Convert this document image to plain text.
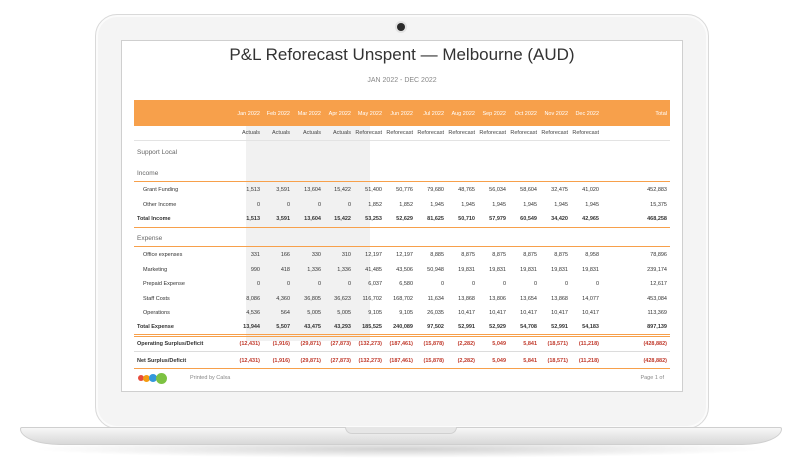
P&L Reforecast Unspent — Melbourne (AUD)
JAN 2022 - DEC 2022
Jan 2022 Feb 2022 Mar 2022 Apr 2022 May 2022 Jun 2022 Jul 2022 Aug 2022 Sep 2022 Oct 2022 Nov 2022 Dec 2022	Total
Actuals Actuals Actuals Actuals Reforecast Reforecast Reforecast Reforecast Reforecast Reforecast Reforecast Reforecast
Support Local
Income
Grant Funding	1,513	3,591	13,604 15,422	51,400	50,776	79,680	48,765	56,034	58,604	32,475	41,020	452,883
Other Income	0	0	0	0	1,852	1,852	1,945	1,945	1,945	1,945	1,945	1,945	15,375
Total Income	1,513	3,591	13,604 15,422	53,253	52,629	81,625	50,710	57,979	60,549	34,420	42,965	468,258
Expense
Office expenses	331	166	330	310	12,197	12,197	8,885	8,875	8,875	8,875	8,875	8,958	78,896
Marketing	990	418	1,336	1,336	41,485	43,506	50,948	19,831	19,831	19,831	19,831	19,831	239,174
Prepaid Expense	0	0	0	0	6,037	6,580	0	0	0	0	0	0	12,617
Staff Costs	8,086	4,360	36,805 36,623 116,702 168,702	11,634	13,868	13,806	13,654	13,868	14,077	453,084
Operations	4,536	564	5,005	5,005	9,105	9,105	26,035	10,417	10,417	10,417	10,417	10,417	113,369
Total Expense	13,944	5,507	43,475 43,293 185,525 240,089	97,502	52,991	52,929	54,708	52,991	54,183	897,139
Operating Surplus/Deficit	(12,431) (1,916) (29,871) (27,873) (132,273) (187,461) (15,878) (2,282)	5,049	5,841 (18,571) (11,218)	(428,882)
Net Surplus/Deficit	(12,431) (1,916) (29,871) (27,873) (132,273) (187,461) (15,878) (2,282)	5,049	5,841 (18,571) (11,218)	(428,882)
Printed by Calxa	Page 1 of
